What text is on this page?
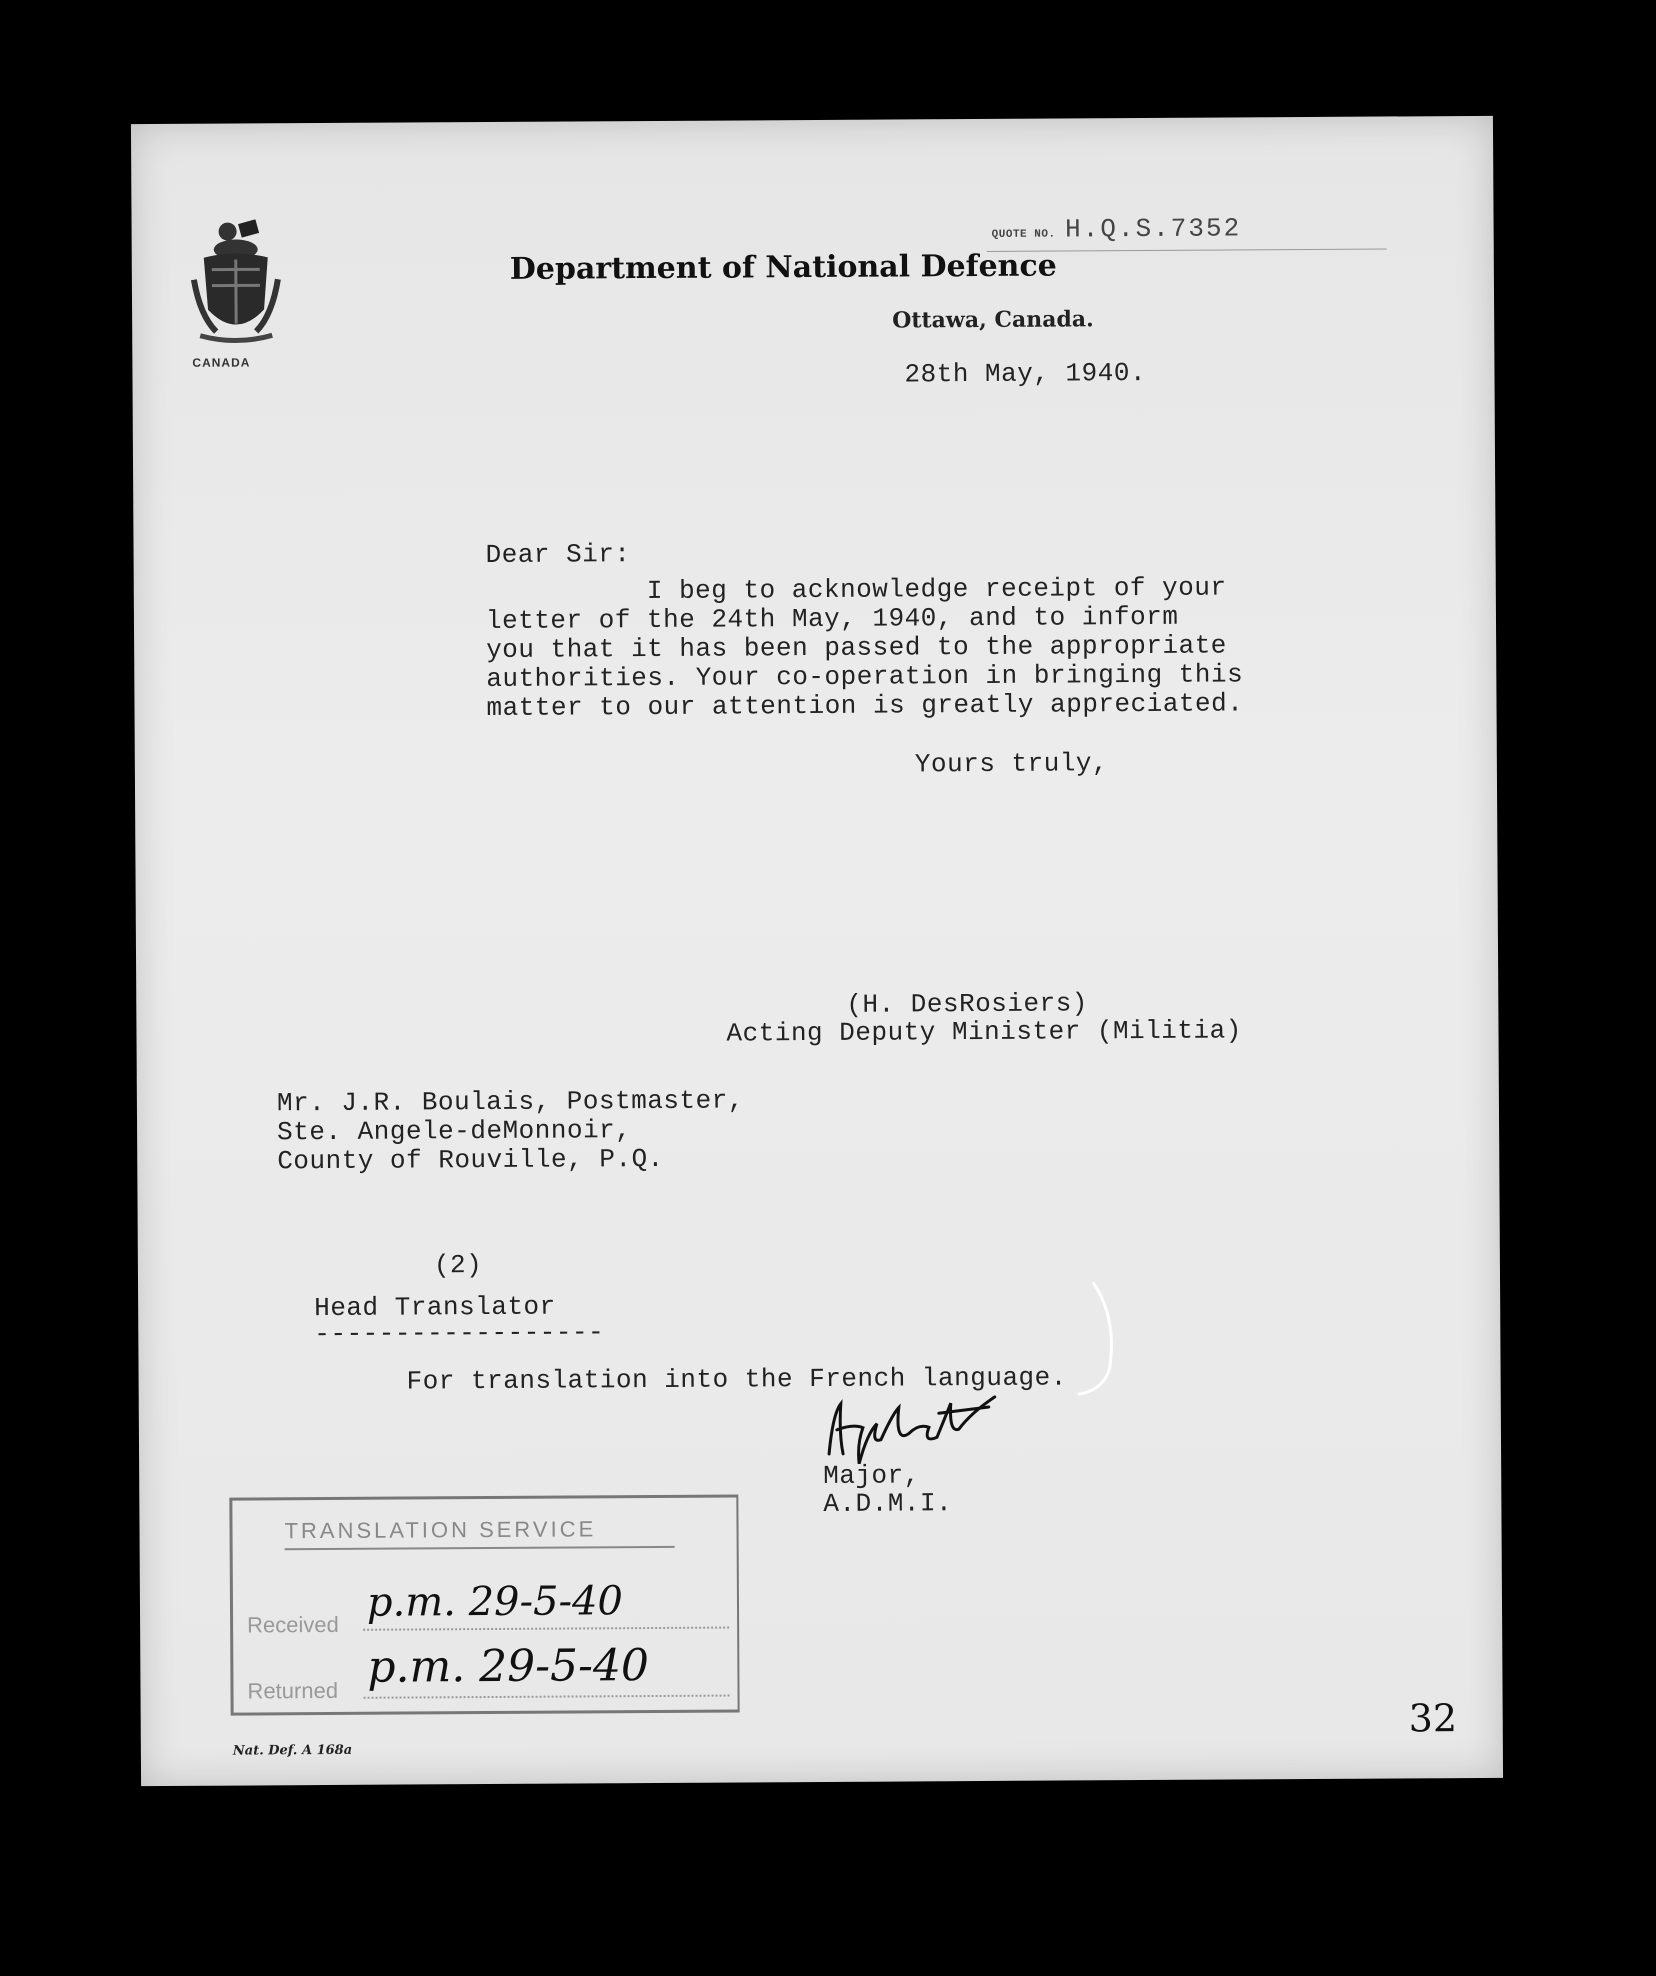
CANADA
QUOTE NO. H.Q.S.7352
Department of National Defence
Ottawa, Canada.
28th May, 1940.
Dear Sir:
I beg to acknowledge receipt of your
letter of the 24th May, 1940, and to inform
you that it has been passed to the appropriate
authorities. Your co-operation in bringing this
matter to our attention is greatly appreciated.
Yours truly,
(H. DesRosiers)
Acting Deputy Minister (Militia)
Mr. J.R. Boulais, Postmaster,
Ste. Angele-deMonnoir,
County of Rouville, P.Q.
(2)
Head Translator
------------------
For translation into the French language.
Major,
A.D.M.I.
TRANSLATION SERVICE
Received p.m. 29-5-40
Returned p.m. 29-5-40
Nat. Def. A 168a
32
